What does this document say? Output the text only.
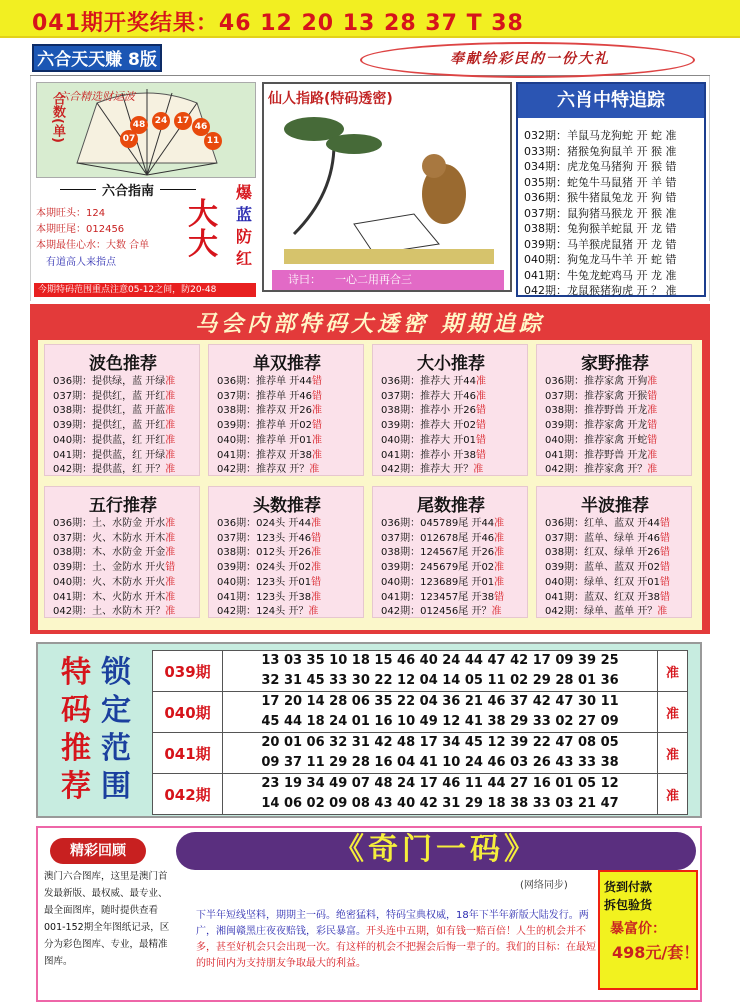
041期开奖结果：46 12 20 13 28 37 T 38
六合天天赚 8版	奉献给彩民的一份大礼
合数(单)
六合精选财运波
48	24	17
46
07	11
六合指南
本期旺头：124
本期旺尾：012456
本期最佳心水：大数 合单
有道高人来指点
大
大
爆
蓝
防
红
今期特码范围重点注意05-12之间，防20-48
仙人指路(特码透密)
诗曰： 一心二用再合三
六肖中特追踪
032期：羊鼠马龙狗蛇 开 蛇 准
033期：猪猴兔狗鼠羊 开 猴 准
034期：虎龙兔马猪狗 开 猴 错
035期：蛇兔牛马鼠猪 开 羊 错
036期：猴牛猪鼠兔龙 开 狗 错
037期：鼠狗猪马猴龙 开 猴 准
038期：兔狗猴羊蛇鼠 开 龙 错
039期：马羊猴虎鼠猪 开 龙 错
040期：狗兔龙马牛羊 开 蛇 错
041期：牛兔龙蛇鸡马 开 龙 准
042期：龙鼠猴猪狗虎 开 ？ 准
马会内部特码大透密 期期追踪
波色推荐
036期：提供绿，蓝 开绿准
037期：提供红，蓝 开红准
038期：提供红，蓝 开蓝准
039期：提供红，蓝 开红准
040期：提供蓝，红 开红准
041期：提供蓝，红 开绿准
042期：提供蓝，红 开？准
单双推荐
036期：推荐单 开44错
037期：推荐单 开46错
038期：推荐双 开26准
039期：推荐单 开02错
040期：推荐单 开01准
041期：推荐双 开38准
042期：推荐双 开？准
大小推荐
036期：推荐大 开44准
037期：推荐大 开46准
038期：推荐小 开26错
039期：推荐大 开02错
040期：推荐大 开01错
041期：推荐小 开38错
042期：推荐大 开？准
家野推荐
036期：推荐家禽 开狗准
037期：推荐家禽 开猴错
038期：推荐野兽 开龙准
039期：推荐家禽 开龙错
040期：推荐家禽 开蛇错
041期：推荐野兽 开龙准
042期：推荐家禽 开？准
五行推荐
036期：土、水防金 开水准
037期：火、木防水 开木准
038期：木、水防金 开金准
039期：土、金防水 开火错
040期：火、木防水 开火准
041期：木、火防水 开木准
042期：土、水防木 开？准
头数推荐
036期：024头 开44准
037期：123头 开46错
038期：012头 开26准
039期：024头 开02准
040期：123头 开01错
041期：123头 开38准
042期：124头 开？准
尾数推荐
036期：045789尾 开44准
037期：012678尾 开46准
038期：124567尾 开26准
039期：245679尾 开02准
040期：123689尾 开01准
041期：123457尾 开38错
042期：012456尾 开？准
半波推荐
036期：红单、蓝双 开44错
037期：蓝单、绿单 开46错
038期：红双、绿单 开26错
039期：蓝单、蓝双 开02错
040期：绿单、红双 开01错
041期：蓝双、红双 开38错
042期：绿单、蓝单 开？准
特
码
推
荐
锁
定
范
围
039期	13 03 35 10 18 15 46 40 24 44 47 42 17 09 39 25
32 31 45 33 30 22 12 04 14 05 11 02 29 28 01 36	准
040期	17 20 14 28 06 35 22 04 36 21 46 37 42 47 30 11
45 44 18 24 01 16 10 49 12 41 38 29 33 02 27 09	准
041期	20 01 06 32 31 42 48 17 34 45 12 39 22 47 08 05
09 37 11 29 28 16 04 41 10 24 46 03 26 43 33 38	准
042期	23 19 34 49 07 48 24 17 46 11 44 27 16 01 05 12
14 06 02 09 08 43 40 42 31 29 18 38 33 03 21 47	准
精彩回顾
澳门六合图库，这里是澳门首发最新版、最权威、最专业、最全面图库，随时提供查看001-152期全年图纸记录，区分为彩色图库、专业，最精准图库。
《奇门一码》
(网络同步)
下半年短线坚料，期期主一码。绝密猛料，特码宝典权威，18年下半年新版大陆发行。两广，湘闽赣黑庄夜夜赔钱，彩民暴富。开头连中五期，如有钱一赔百倍！人生的机会并不多，甚至好机会只会出现一次。有这样的机会不把握会后悔一辈子的。我们的目标：在最短的时间内为支持朋友争取最大的利益。
货到付款
拆包验货
暴富价：
498元/套！
